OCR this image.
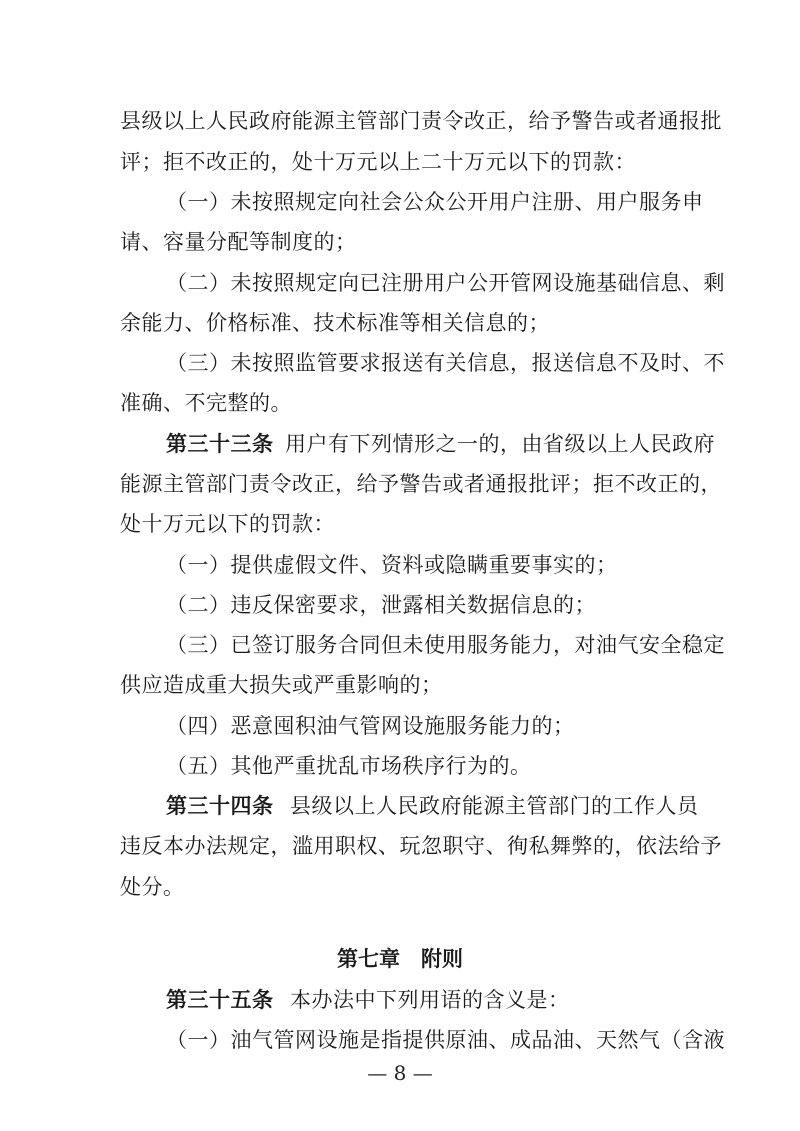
县级以上人民政府能源主管部门责令改正，给予警告或者通报批
评；拒不改正的，处十万元以上二十万元以下的罚款：
（一）未按照规定向社会公众公开用户注册、用户服务申
请、容量分配等制度的；
（二）未按照规定向已注册用户公开管网设施基础信息、剩
余能力、价格标准、技术标准等相关信息的；
（三）未按照监管要求报送有关信息，报送信息不及时、不
准确、不完整的。
第三十三条 用户有下列情形之一的，由省级以上人民政府
能源主管部门责令改正，给予警告或者通报批评；拒不改正的，
处十万元以下的罚款：
（一）提供虚假文件、资料或隐瞒重要事实的；
（二）违反保密要求，泄露相关数据信息的；
（三）已签订服务合同但未使用服务能力，对油气安全稳定
供应造成重大损失或严重影响的；
（四）恶意囤积油气管网设施服务能力的；
（五）其他严重扰乱市场秩序行为的。
第三十四条 县级以上人民政府能源主管部门的工作人员
违反本办法规定，滥用职权、玩忽职守、徇私舞弊的，依法给予
处分。
第七章　附则
第三十五条 本办法中下列用语的含义是：
（一）油气管网设施是指提供原油、成品油、天然气（含液
— 8 —
